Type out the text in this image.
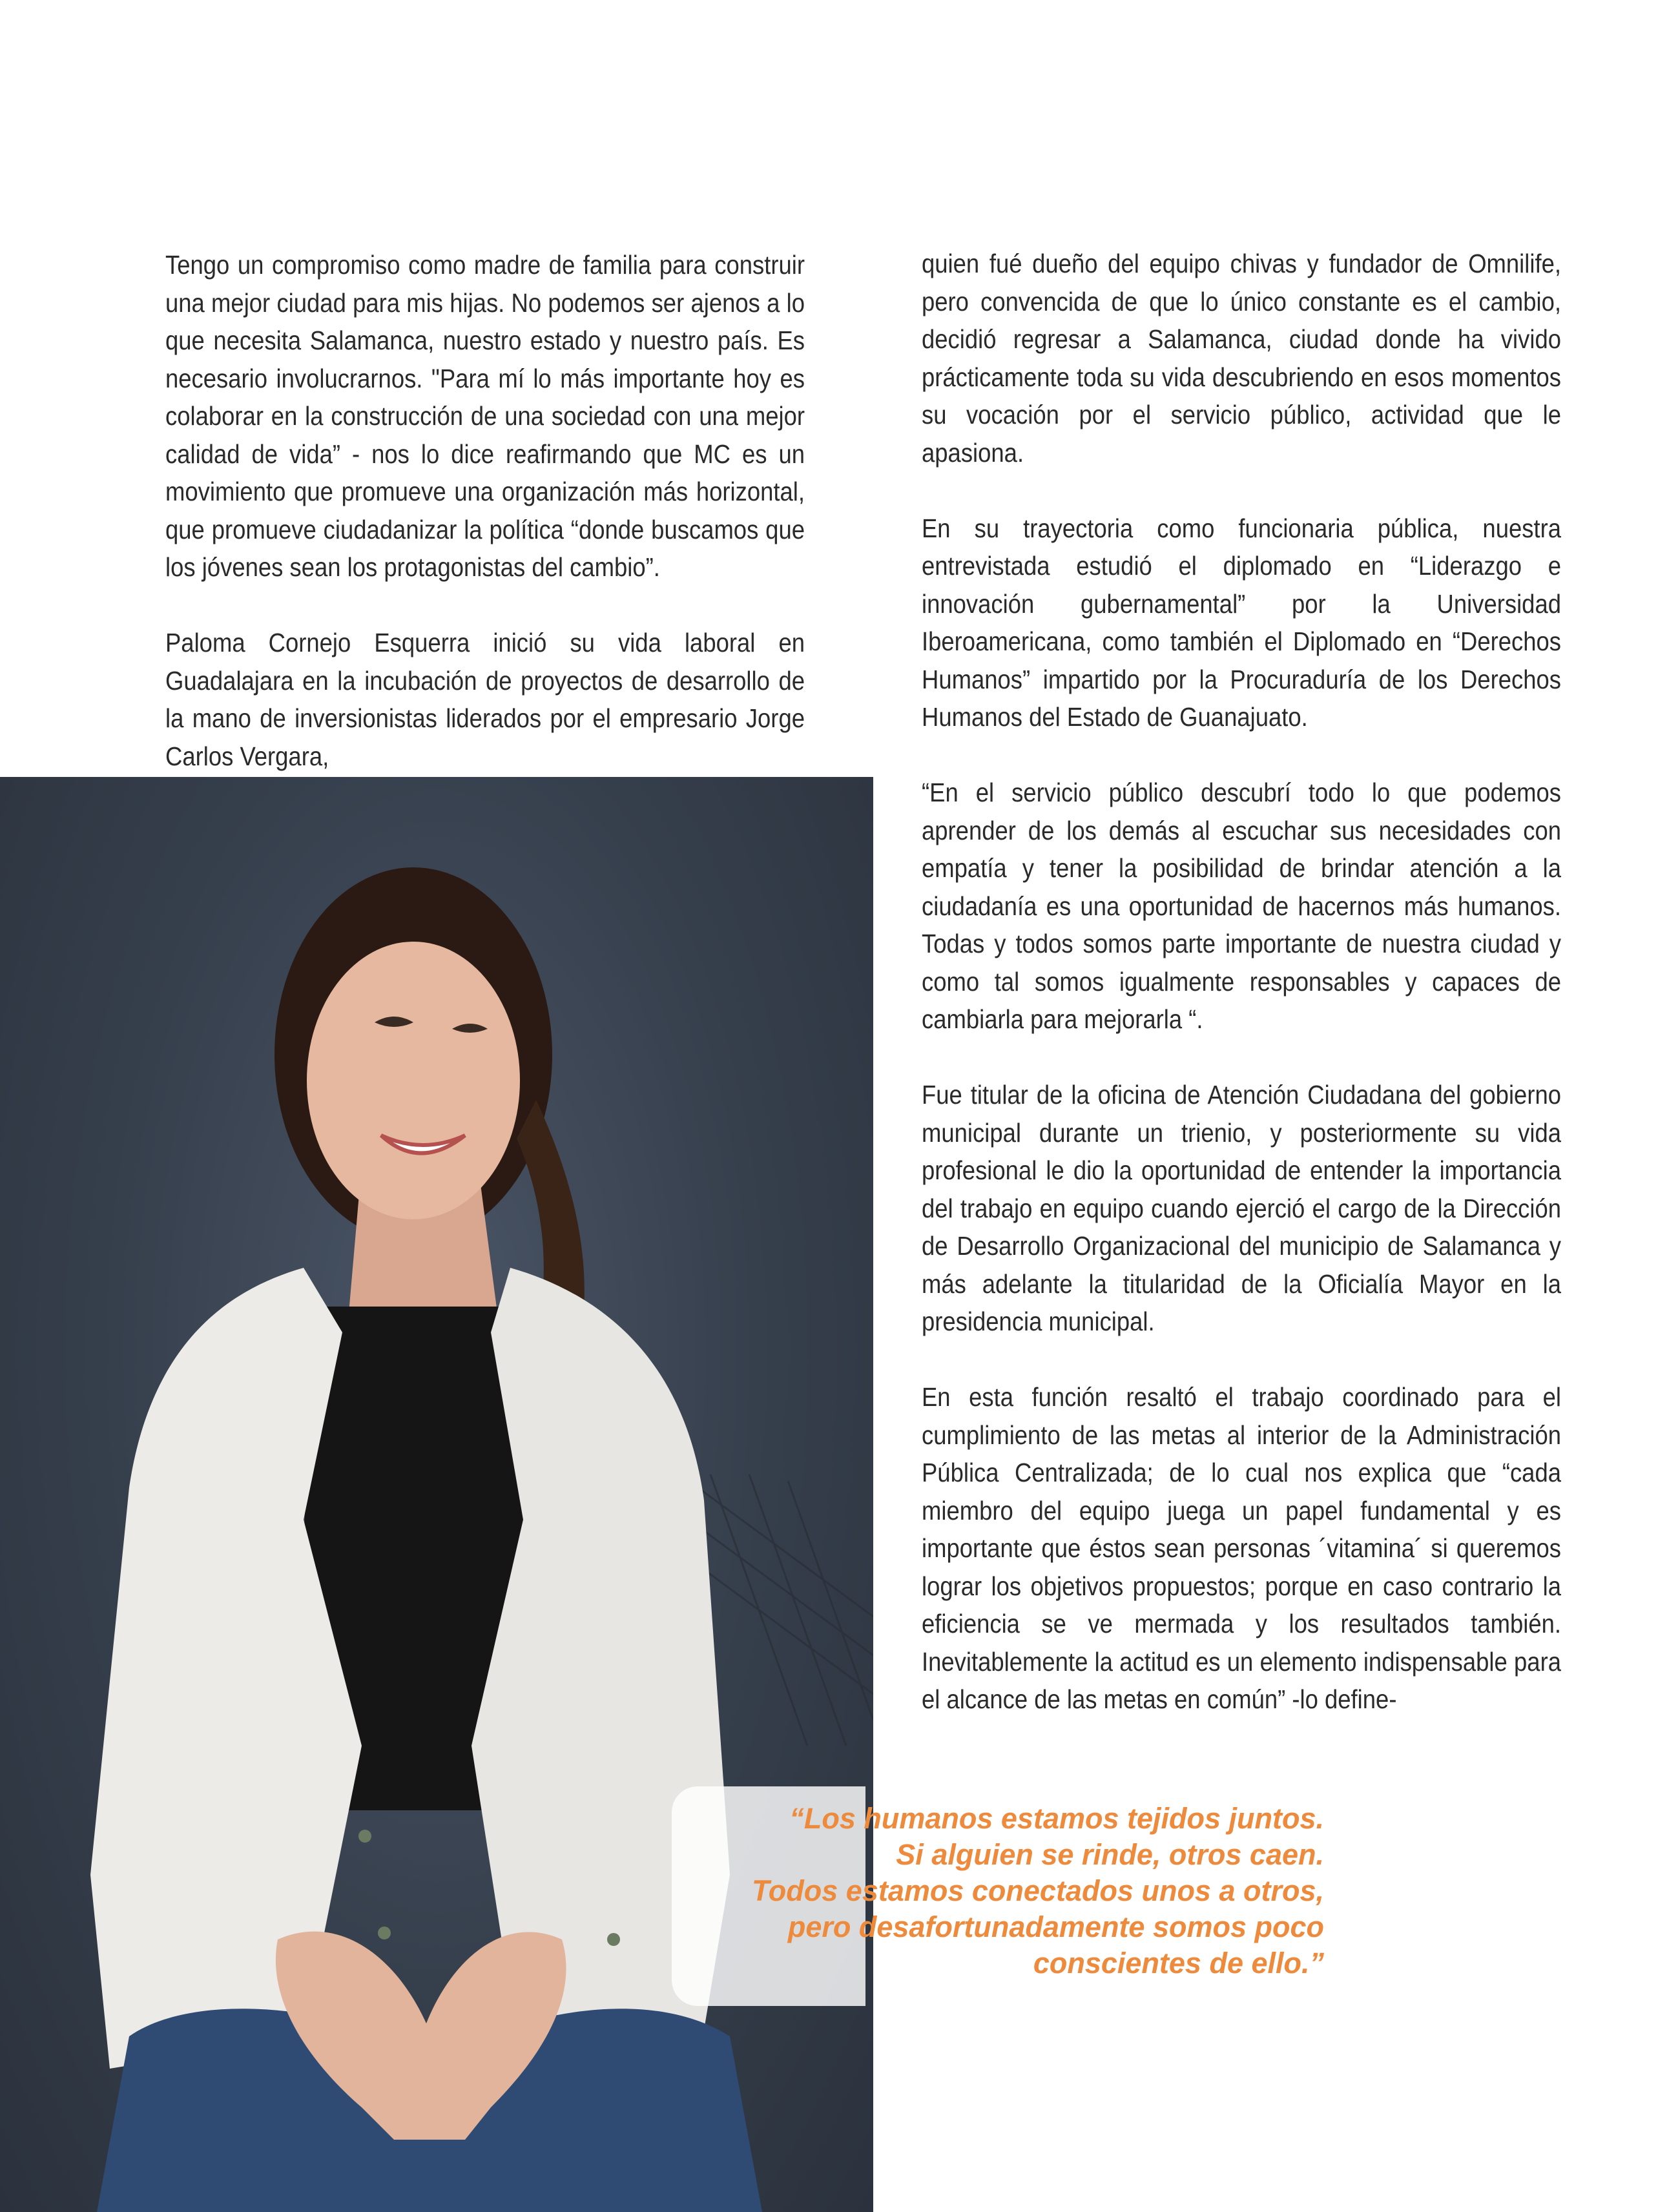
Tengo un compromiso como madre de familia para construir una mejor ciudad para mis hijas. No podemos ser ajenos a lo que necesita Salamanca, nuestro estado y nuestro país. Es necesario involucrarnos. "Para mí lo más importante hoy es colaborar en la construcción de una sociedad con una mejor calidad de vida” - nos lo dice reafirmando que MC es un movimiento que promueve una organización más horizontal, que promueve ciudadanizar la política “donde buscamos que los jóvenes sean los protagonistas del cambio”.

Paloma Cornejo Esquerra inició su vida laboral en Guadalajara en la incubación de proyectos de desarrollo de la mano de inversionistas liderados por el empresario Jorge Carlos Vergara,

quien fué dueño del equipo chivas y fundador de Omnilife, pero convencida de que lo único constante es el cambio, decidió regresar a Salamanca, ciudad donde ha vivido prácticamente toda su vida descubriendo en esos momentos su vocación por el servicio público, actividad que le apasiona.

En su trayectoria como funcionaria pública, nuestra entrevistada estudió el diplomado en “Liderazgo e innovación gubernamental” por la Universidad Iberoamericana, como también el Diplomado en “Derechos Humanos” impartido por la Procuraduría de los Derechos Humanos del Estado de Guanajuato.

“En el servicio público descubrí todo lo que podemos aprender de los demás al escuchar sus necesidades con empatía y tener la posibilidad de brindar atención a la ciudadanía es una oportunidad de hacernos más humanos. Todas y todos somos parte importante de nuestra ciudad y como tal somos igualmente responsables y capaces de cambiarla para mejorarla “.

Fue titular de la oficina de Atención Ciudadana del gobierno municipal durante un trienio, y posteriormente su vida profesional le dio la oportunidad de entender la importancia del trabajo en equipo cuando ejerció el cargo de la Dirección de Desarrollo Organizacional del municipio de Salamanca y más adelante la titularidad de la Oficialía Mayor en la presidencia municipal.

En esta función resaltó el trabajo coordinado para el cumplimiento de las metas al interior de la Administración Pública Centralizada; de lo cual nos explica que “cada miembro del equipo juega un papel fundamental y es importante que éstos sean personas ´vitamina´ si queremos lograr los objetivos propuestos; porque en caso contrario la eficiencia se ve mermada y los resultados también. Inevitablemente la actitud es un elemento indispensable para el alcance de las metas en común” -lo define-

“Los humanos estamos tejidos juntos.
Si alguien se rinde, otros caen.
Todos estamos conectados unos a otros,
pero desafortunadamente somos poco
conscientes de ello.”
